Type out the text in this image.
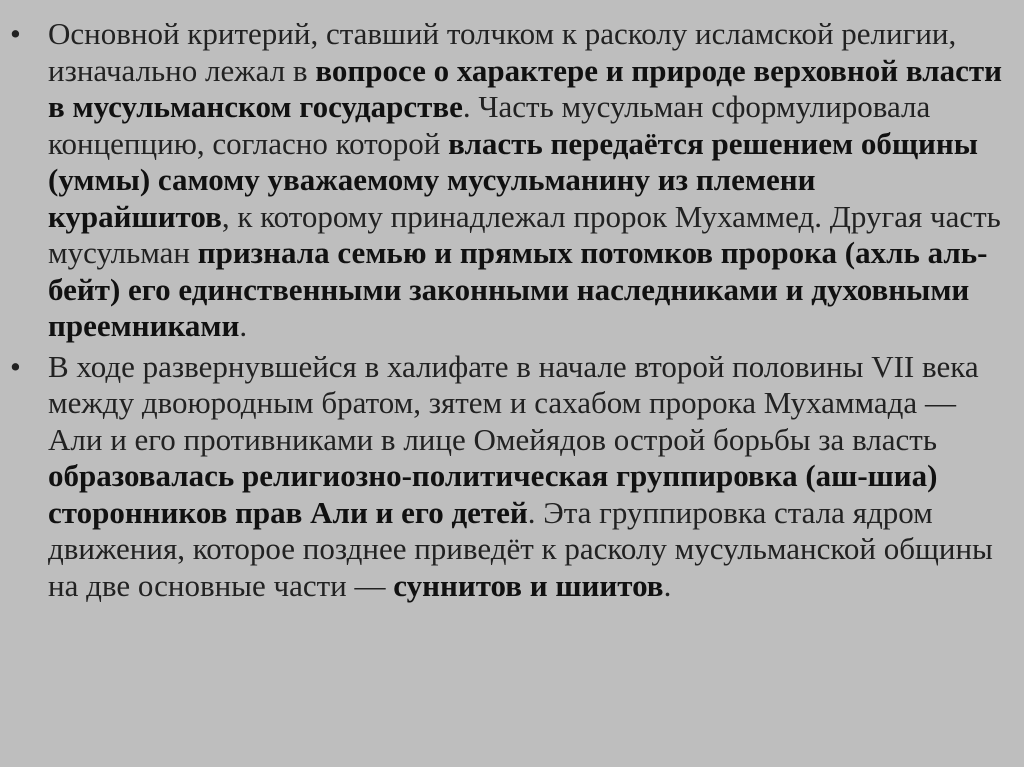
• Основной критерий, ставший толчком к расколу исламской религии, изначально лежал в вопросе о характере и природе верховной власти в мусульманском государстве. Часть мусульман сформулировала концепцию, согласно которой власть передаётся решением общины (уммы) самому уважаемому мусульманину из племени курайшитов, к которому принадлежал пророк Мухаммед. Другая часть мусульман признала семью и прямых потомков пророка (ахль аль-бейт) его единственными законными наследниками и духовными преемниками.
• В ходе развернувшейся в халифате в начале второй половины VII века между двоюродным братом, зятем и сахабом пророка Мухаммада — Али и его противниками в лице Омейядов острой борьбы за власть образовалась религиозно-политическая группировка (аш-шиа) сторонников прав Али и его детей. Эта группировка стала ядром движения, которое позднее приведёт к расколу мусульманской общины на две основные части — суннитов и шиитов.
